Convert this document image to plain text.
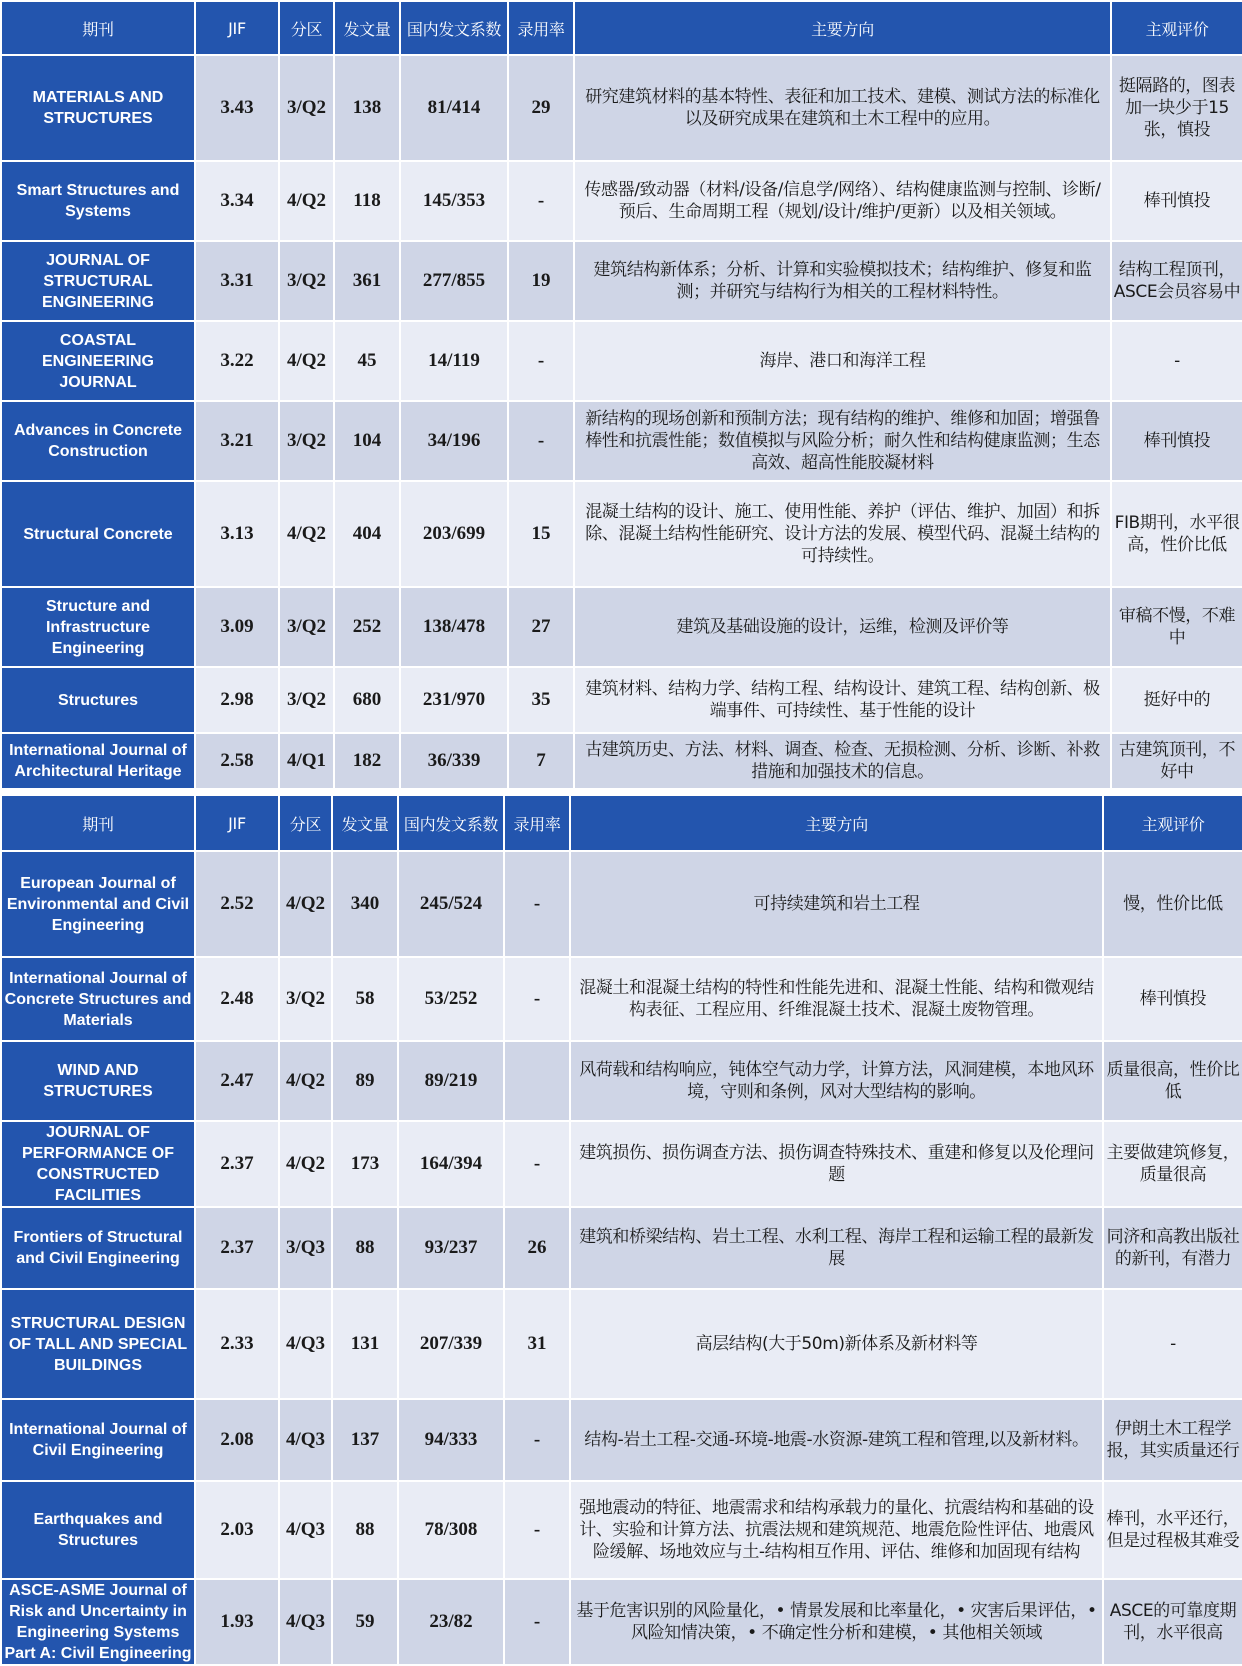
期刊	JIF	分区	发文量	国内发文系数	录用率	主要方向	主观评价
MATERIALS AND STRUCTURES	3.43	3/Q2	138	81/414	29	研究建筑材料的基本特性、表征和加工技术、建模、测试方法的标准化以及研究成果在建筑和土木工程中的应用。	挺隔路的，图表加一块少于15张，慎投
Smart Structures and Systems	3.34	4/Q2	118	145/353	-	传感器/致动器（材料/设备/信息学/网络）、结构健康监测与控制、诊断/预后、生命周期工程（规划/设计/维护/更新）以及相关领域。	棒刊慎投
JOURNAL OF STRUCTURAL ENGINEERING	3.31	3/Q2	361	277/855	19	建筑结构新体系；分析、计算和实验模拟技术；结构维护、修复和监测；并研究与结构行为相关的工程材料特性。	结构工程顶刊，ASCE会员容易中
COASTAL ENGINEERING JOURNAL	3.22	4/Q2	45	14/119	-	海岸、港口和海洋工程	-
Advances in Concrete Construction	3.21	3/Q2	104	34/196	-	新结构的现场创新和预制方法；现有结构的维护、维修和加固；增强鲁棒性和抗震性能；数值模拟与风险分析；耐久性和结构健康监测；生态高效、超高性能胶凝材料	棒刊慎投
Structural Concrete	3.13	4/Q2	404	203/699	15	混凝土结构的设计、施工、使用性能、养护（评估、维护、加固）和拆除、混凝土结构性能研究、设计方法的发展、模型代码、混凝土结构的可持续性。	FIB期刊，水平很高，性价比低
Structure and Infrastructure Engineering	3.09	3/Q2	252	138/478	27	建筑及基础设施的设计，运维，检测及评价等	审稿不慢，不难中
Structures	2.98	3/Q2	680	231/970	35	建筑材料、结构力学、结构工程、结构设计、建筑工程、结构创新、极端事件、可持续性、基于性能的设计	挺好中的
International Journal of Architectural Heritage	2.58	4/Q1	182	36/339	7	古建筑历史、方法、材料、调查、检查、无损检测、分析、诊断、补救措施和加强技术的信息。	古建筑顶刊，不好中
期刊	JIF	分区	发文量	国内发文系数	录用率	主要方向	主观评价
European Journal of Environmental and Civil Engineering	2.52	4/Q2	340	245/524	-	可持续建筑和岩土工程	慢，性价比低
International Journal of Concrete Structures and Materials	2.48	3/Q2	58	53/252	-	混凝土和混凝土结构的特性和性能先进和、混凝土性能、结构和微观结构表征、工程应用、纤维混凝土技术、混凝土废物管理。	棒刊慎投
WIND AND STRUCTURES	2.47	4/Q2	89	89/219		风荷载和结构响应，钝体空气动力学，计算方法，风洞建模，本地风环境，守则和条例，风对大型结构的影响。	质量很高，性价比低
JOURNAL OF PERFORMANCE OF CONSTRUCTED FACILITIES	2.37	4/Q2	173	164/394	-	建筑损伤、损伤调查方法、损伤调查特殊技术、重建和修复以及伦理问题	主要做建筑修复，质量很高
Frontiers of Structural and Civil Engineering	2.37	3/Q3	88	93/237	26	建筑和桥梁结构、岩土工程、水利工程、海岸工程和运输工程的最新发展	同济和高教出版社的新刊，有潜力
STRUCTURAL DESIGN OF TALL AND SPECIAL BUILDINGS	2.33	4/Q3	131	207/339	31	高层结构(大于50m)新体系及新材料等	-
International Journal of Civil Engineering	2.08	4/Q3	137	94/333	-	结构-岩土工程-交通-环境-地震-水资源-建筑工程和管理,以及新材料。	伊朗土木工程学报，其实质量还行
Earthquakes and Structures	2.03	4/Q3	88	78/308	-	强地震动的特征、地震需求和结构承载力的量化、抗震结构和基础的设计、实验和计算方法、抗震法规和建筑规范、地震危险性评估、地震风险缓解、场地效应与土-结构相互作用、评估、维修和加固现有结构	棒刊，水平还行，但是过程极其难受
ASCE-ASME Journal of Risk and Uncertainty in Engineering Systems Part A: Civil Engineering	1.93	4/Q3	59	23/82	-	基于危害识别的风险量化，• 情景发展和比率量化，• 灾害后果评估，• 风险知情决策，• 不确定性分析和建模，• 其他相关领域	ASCE的可靠度期刊，水平很高
